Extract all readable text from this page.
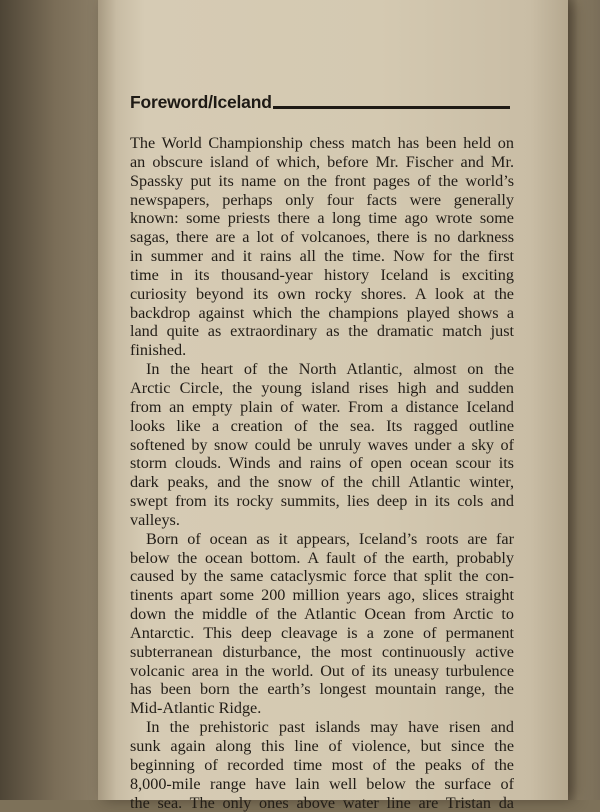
Foreword/Iceland
The World Championship chess match has been held on
an obscure island of which, before Mr. Fischer and Mr.
Spassky put its name on the front pages of the world’s
newspapers, perhaps only four facts were generally
known: some priests there a long time ago wrote some
sagas, there are a lot of volcanoes, there is no darkness
in summer and it rains all the time. Now for the first
time in its thousand-year history Iceland is exciting
curiosity beyond its own rocky shores. A look at the
backdrop against which the champions played shows a
land quite as extraordinary as the dramatic match just
finished.
In the heart of the North Atlantic, almost on the
Arctic Circle, the young island rises high and sudden
from an empty plain of water. From a distance Iceland
looks like a creation of the sea. Its ragged outline
softened by snow could be unruly waves under a sky of
storm clouds. Winds and rains of open ocean scour its
dark peaks, and the snow of the chill Atlantic winter,
swept from its rocky summits, lies deep in its cols and
valleys.
Born of ocean as it appears, Iceland’s roots are far
below the ocean bottom. A fault of the earth, probably
caused by the same cataclysmic force that split the con-
tinents apart some 200 million years ago, slices straight
down the middle of the Atlantic Ocean from Arctic to
Antarctic. This deep cleavage is a zone of permanent
subterranean disturbance, the most continuously active
volcanic area in the world. Out of its uneasy turbulence
has been born the earth’s longest mountain range, the
Mid-Atlantic Ridge.
In the prehistoric past islands may have risen and
sunk again along this line of violence, but since the
beginning of recorded time most of the peaks of the
8,000-mile range have lain well below the surface of
the sea. The only ones above water line are Tristan da
